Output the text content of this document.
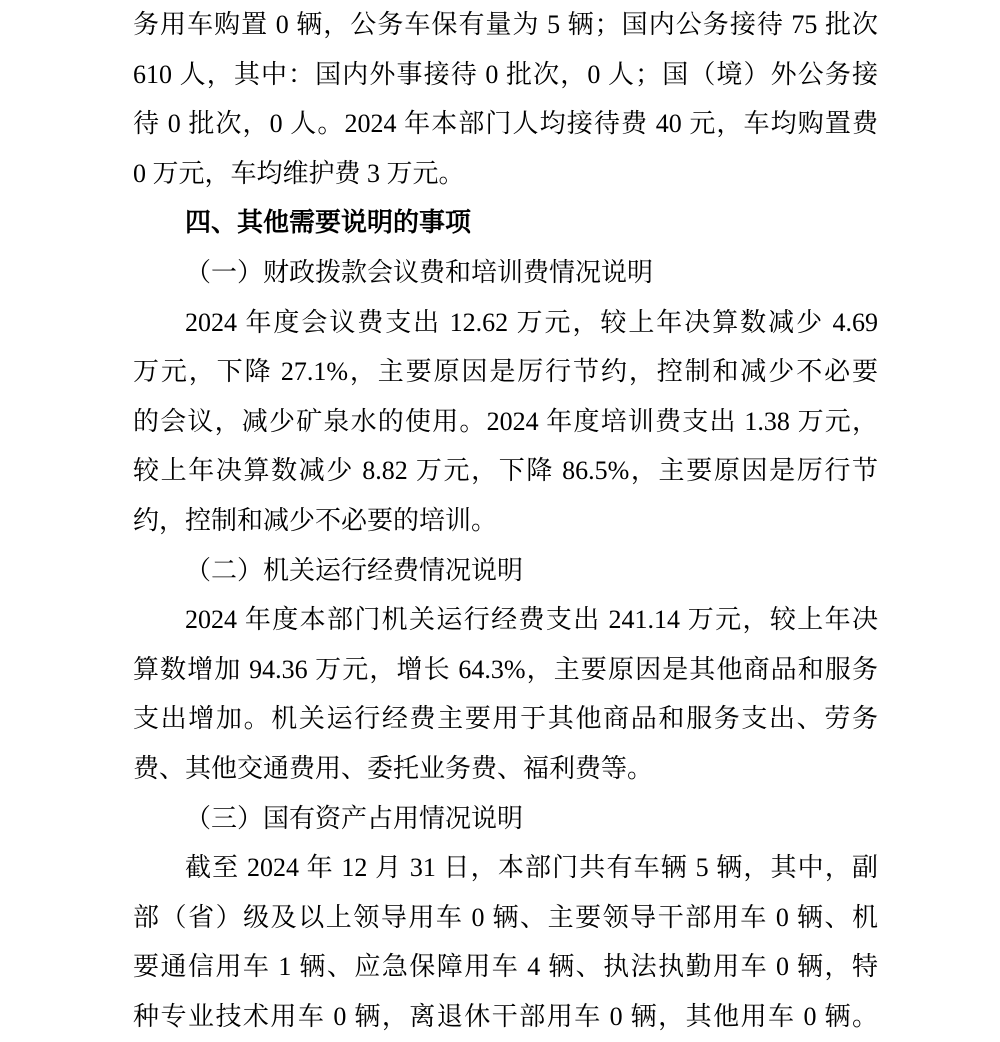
务用车购置 0 辆，公务车保有量为 5 辆；国内公务接待 75 批次
610 人，其中：国内外事接待 0 批次，0 人；国（境）外公务接
待 0 批次，0 人。2024 年本部门人均接待费 40 元，车均购置费
0 万元，车均维护费 3 万元。
四、其他需要说明的事项
（一）财政拨款会议费和培训费情况说明
2024 年度会议费支出 12.62 万元，较上年决算数减少 4.69
万元，下降 27.1%，主要原因是厉行节约，控制和减少不必要
的会议，减少矿泉水的使用。2024 年度培训费支出 1.38 万元，
较上年决算数减少 8.82 万元，下降 86.5%，主要原因是厉行节
约，控制和减少不必要的培训。
（二）机关运行经费情况说明
2024 年度本部门机关运行经费支出 241.14 万元，较上年决
算数增加 94.36 万元，增长 64.3%，主要原因是其他商品和服务
支出增加。机关运行经费主要用于其他商品和服务支出、劳务
费、其他交通费用、委托业务费、福利费等。
（三）国有资产占用情况说明
截至 2024 年 12 月 31 日，本部门共有车辆 5 辆，其中，副
部（省）级及以上领导用车 0 辆、主要领导干部用车 0 辆、机
要通信用车 1 辆、应急保障用车 4 辆、执法执勤用车 0 辆，特
种专业技术用车 0 辆，离退休干部用车 0 辆，其他用车 0 辆。
